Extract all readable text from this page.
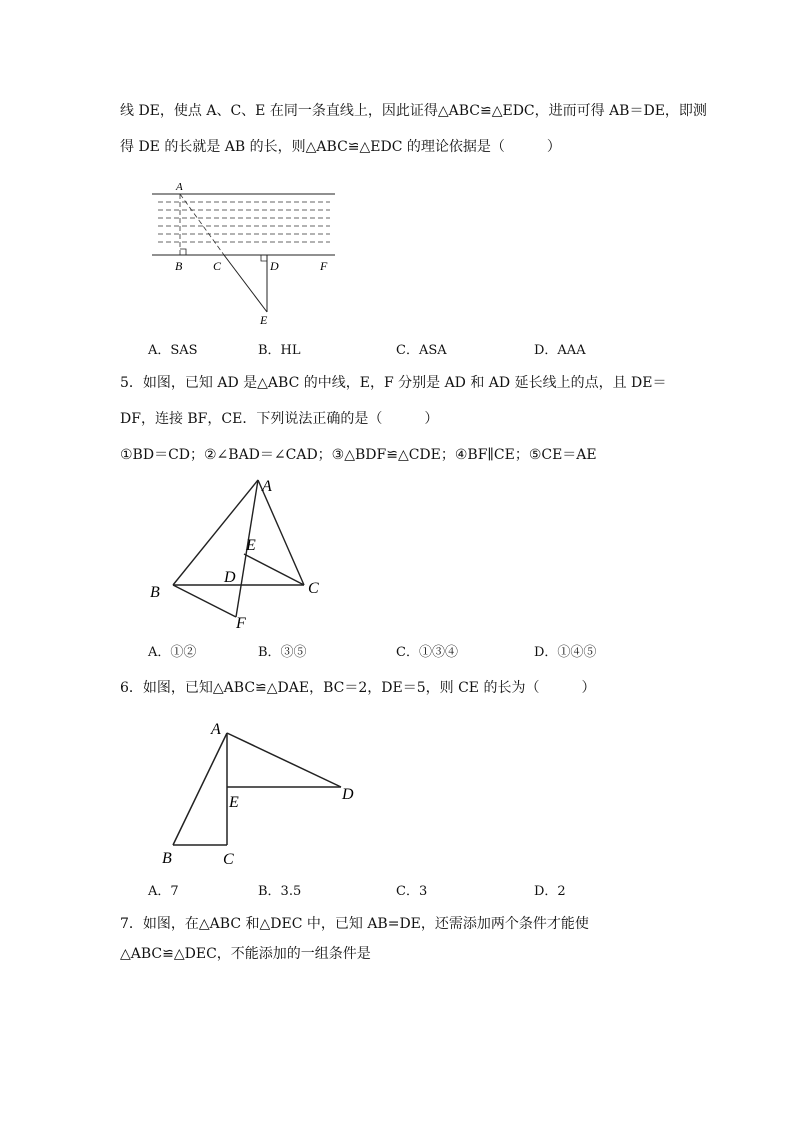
线 DE，使点 A、C、E 在同一条直线上，因此证得△ABC≌△EDC，进而可得 AB＝DE，即测
得 DE 的长就是 AB 的长，则△ABC≌△EDC 的理论依据是（　　　）
A
B	C	D	F
E
A．SAS	B．HL	C．ASA	D．AAA
5．如图，已知 AD 是△ABC 的中线，E，F 分别是 AD 和 AD 延长线上的点，且 DE＝
DF，连接 BF，CE．下列说法正确的是（　　　）
①BD＝CD；②∠BAD＝∠CAD；③△BDF≌△CDE；④BF∥CE；⑤CE＝AE
A
E
D
B	C
F
A．①②	B．③⑤	C．①③④	D．①④⑤
6．如图，已知△ABC≌△DAE，BC＝2，DE＝5，则 CE 的长为（　　　）
A
D
E
B	C
A．7	B．3.5	C．3	D．2
7．如图，在△ABC 和△DEC 中，已知 AB=DE，还需添加两个条件才能使
△ABC≌△DEC，不能添加的一组条件是
